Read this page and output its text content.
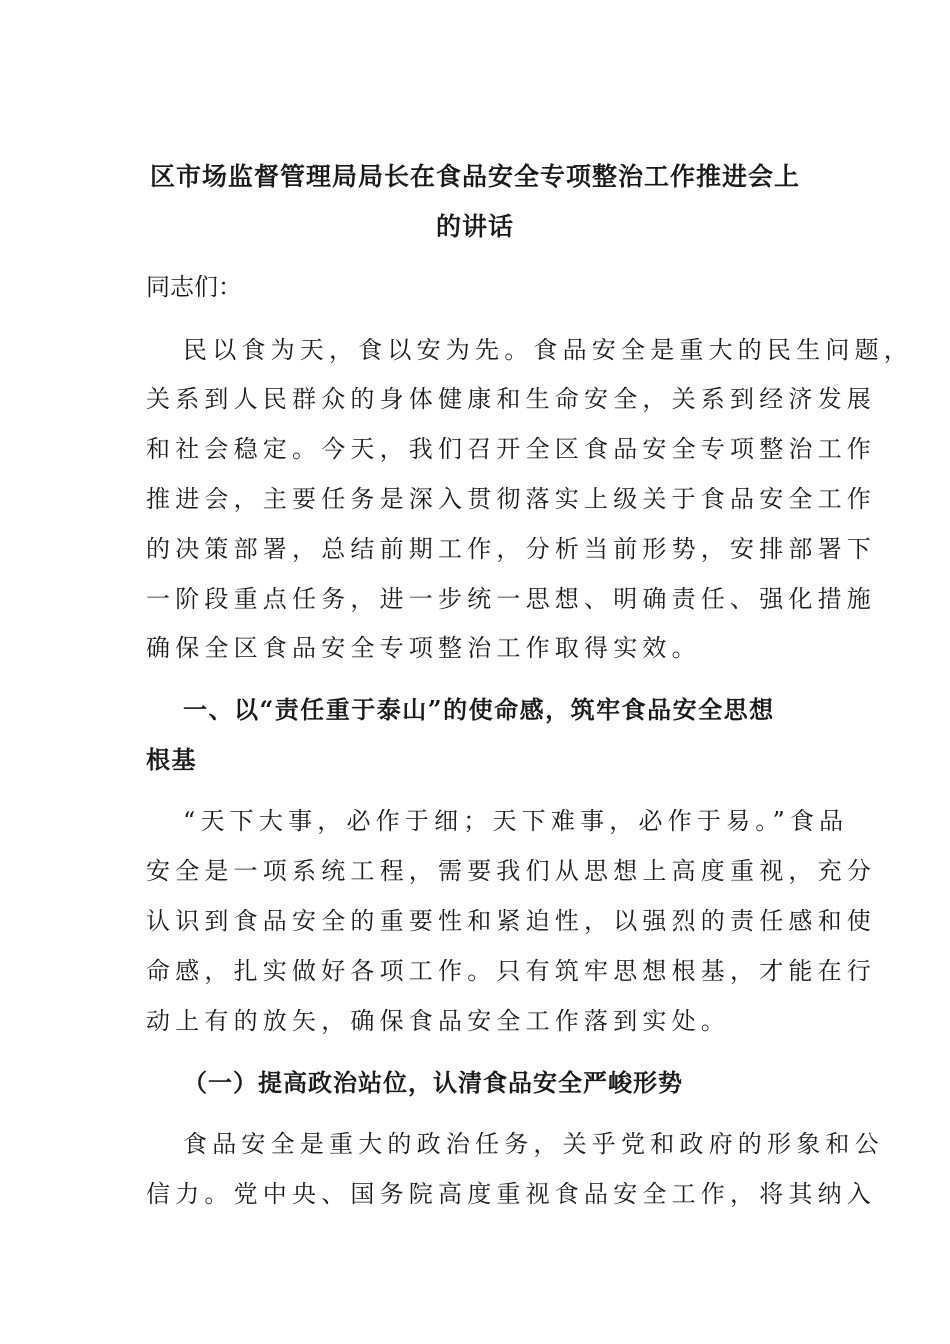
区市场监督管理局局长在食品安全专项整治工作推进会上
的讲话
同志们：
民以食为天，食以安为先。食品安全是重大的民生问题，
关系到人民群众的身体健康和生命安全，关系到经济发展
和社会稳定。今天，我们召开全区食品安全专项整治工作
推进会，主要任务是深入贯彻落实上级关于食品安全工作
的决策部署，总结前期工作，分析当前形势，安排部署下
一阶段重点任务，进一步统一思想、明确责任、强化措施
确保全区食品安全专项整治工作取得实效。
一、以“责任重于泰山”的使命感，筑牢食品安全思想
根基
“天下大事，必作于细；天下难事，必作于易。”食品
安全是一项系统工程，需要我们从思想上高度重视，充分
认识到食品安全的重要性和紧迫性，以强烈的责任感和使
命感，扎实做好各项工作。只有筑牢思想根基，才能在行
动上有的放矢，确保食品安全工作落到实处。
（一）提高政治站位，认清食品安全严峻形势
食品安全是重大的政治任务，关乎党和政府的形象和公
信力。党中央、国务院高度重视食品安全工作，将其纳入
